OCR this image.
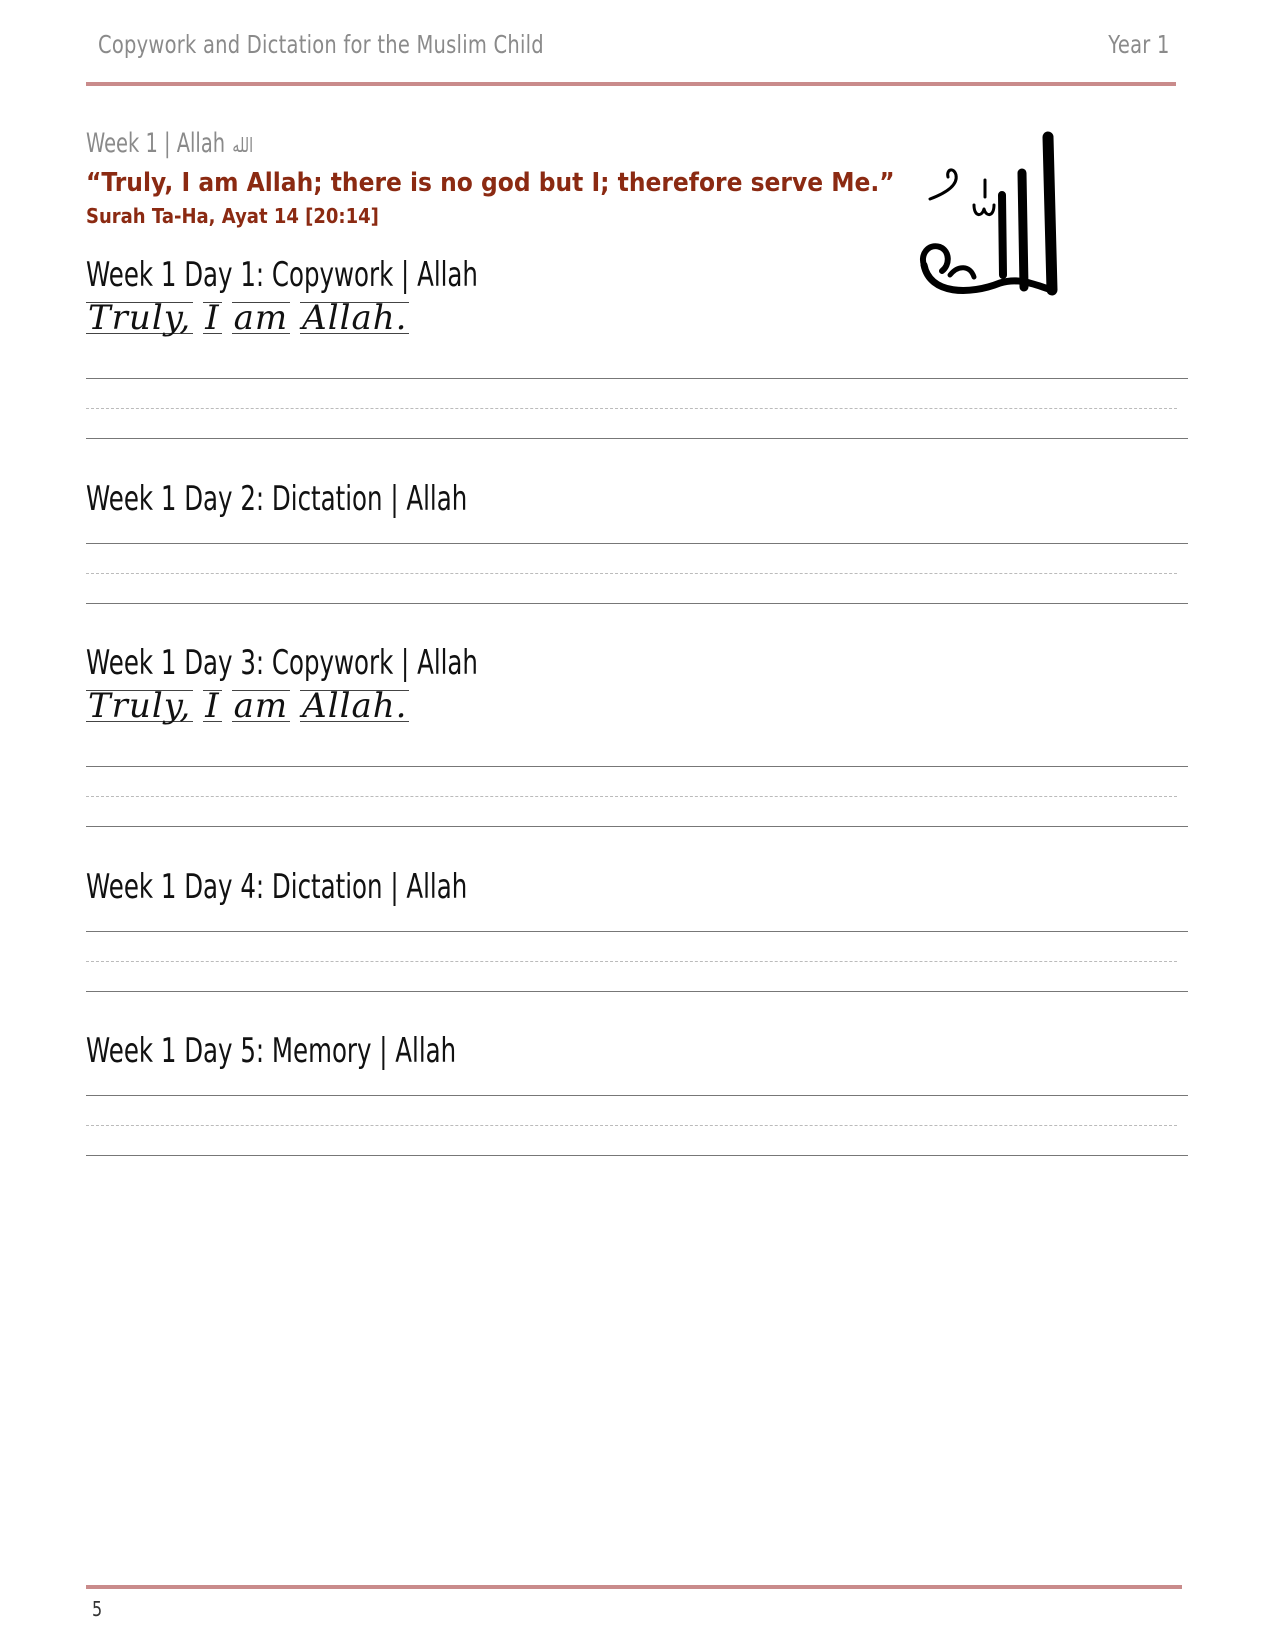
Copywork and Dictation for the Muslim Child	Year 1
Week 1 | Allah الله
“Truly, I am Allah; there is no god but I; therefore serve Me.”
Surah Ta-Ha, Ayat 14 [20:14]
Week 1 Day 1: Copywork | Allah
Truly, I am Allah.
Week 1 Day 2: Dictation | Allah
Week 1 Day 3: Copywork | Allah
Truly, I am Allah.
Week 1 Day 4: Dictation | Allah
Week 1 Day 5: Memory | Allah
5
